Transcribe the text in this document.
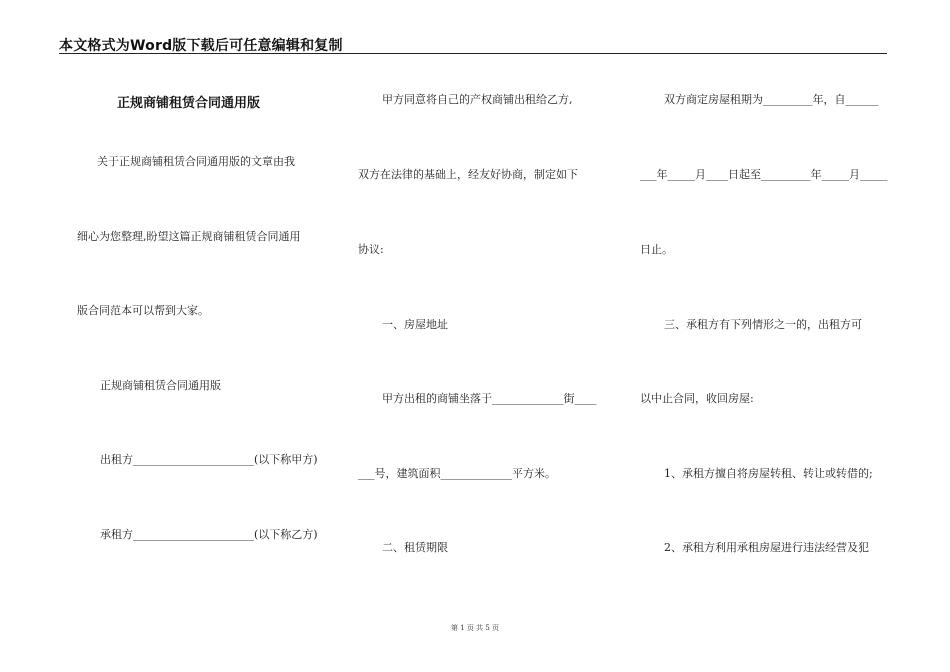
本文格式为Word版下载后可任意编辑和复制
正规商铺租赁合同通用版
关于正规商铺租赁合同通用版的文章由我
细心为您整理,盼望这篇正规商铺租赁合同通用
版合同范本可以帮到大家。
正规商铺租赁合同通用版
出租方______________________(以下称甲方)
承租方______________________(以下称乙方)
甲方同意将自己的产权商铺出租给乙方,
双方在法律的基础上，经友好协商，制定如下
协议:
一、房屋地址
甲方出租的商铺坐落于_____________街____
___号，建筑面积_____________平方米。
二、租赁期限
双方商定房屋租期为_________年，自______
___年_____月____日起至_________年_____月_____
日止。
三、承租方有下列情形之一的，出租方可
以中止合同，收回房屋:
1、承租方擅自将房屋转租、转让或转借的;
2、承租方利用承租房屋进行违法经营及犯
第 1 页 共 5 页
